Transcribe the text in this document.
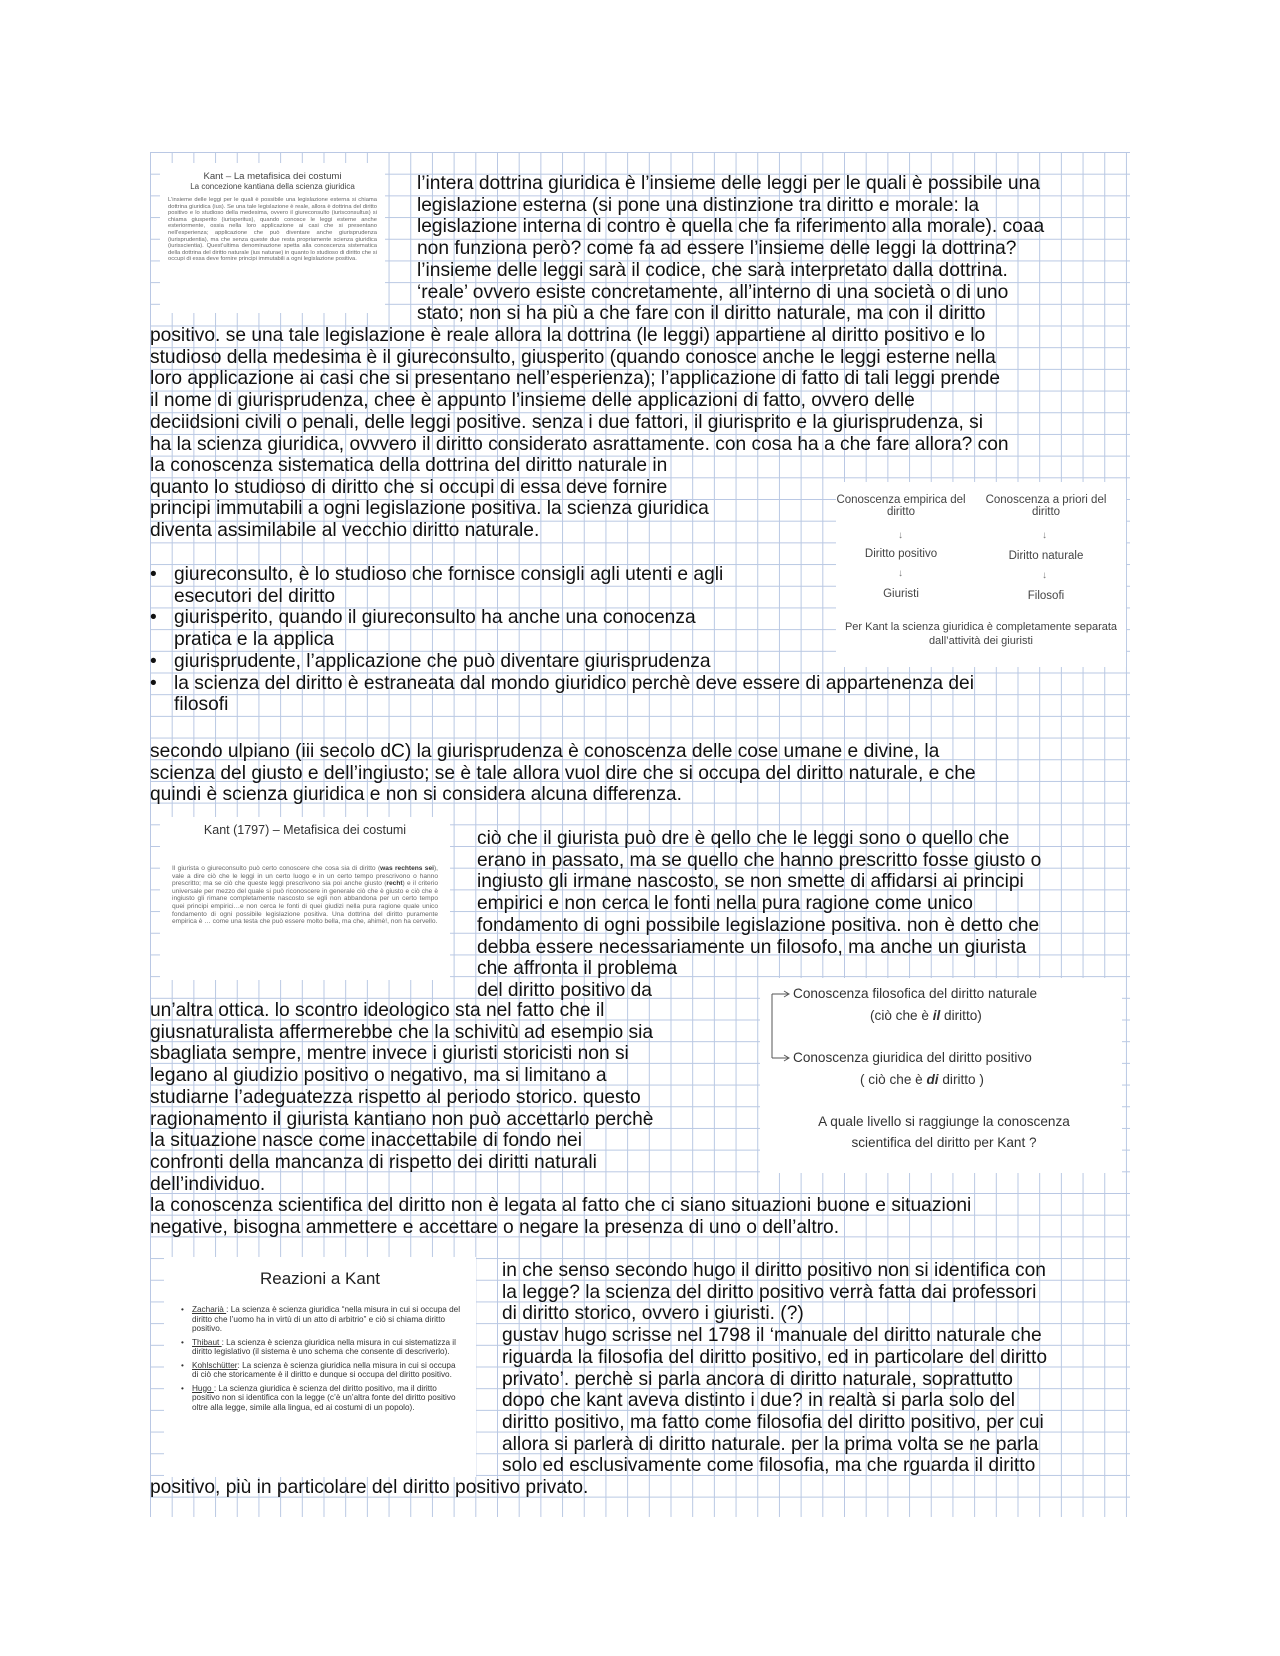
Kant – La metafisica dei costumi
La concezione kantiana della scienza giuridica
L’insieme delle leggi per le quali è possibile una legislazione esterna si chiama dottrina giuridica (ius). Se una tale legislazione è reale, allora è dottrina del diritto positivo e lo studioso della medesima, ovvero il giureconsulto (iurisconsultus) si chiama giusperito (iurisperitus), quando conosce le leggi esterne anche esteriormente, ossia nella loro applicazione ai casi che si presentano nell’esperienza; applicazione che può diventare anche giurisprudenza (iurisprudentia), ma che senza queste due resta propriamente scienza giuridica (iurisscientia). Quest’ultima denominazione spetta alla conoscenza sistematica della dottrina del diritto naturale (ius naturae) in quanto lo studioso di diritto che si occupi di essa deve fornire principi immutabili a ogni legislazione positiva.

l’intera dottrina giuridica è l’insieme delle leggi per le quali è possibile una

legislazione esterna (si pone una distinzione tra diritto e morale: la

legislazione interna di contro è quella che fa riferimento alla morale). coaa

non funziona però? come fa ad essere l’insieme delle leggi la dottrina?

l’insieme delle leggi sarà il codice, che sarà interpretato dalla dottrina.

‘reale’ ovvero esiste concretamente, all’interno di una società o di uno

stato; non si ha più a che fare con il diritto naturale, ma con il diritto

positivo. se una tale legislazione è reale allora la dottrina (le leggi) appartiene al diritto positivo e lo

studioso della medesima è il giureconsulto, giusperito (quando conosce anche le leggi esterne nella

loro applicazione ai casi che si presentano nell’esperienza); l’applicazione di fatto di tali leggi prende

il nome di giurisprudenza, chee è appunto l’insieme delle applicazioni di fatto, ovvero delle

deciidsioni civili o penali, delle leggi positive. senza i due fattori, il giurisprito e la giurisprudenza, si

ha la scienza giuridica, ovvvero il diritto considerato asrattamente. con cosa ha a che fare allora? con

la conoscenza sistematica della dottrina del diritto naturale in

quanto lo studioso di diritto che si occupi di essa deve fornire

principi immutabili a ogni legislazione positiva. la scienza giuridica

diventa assimilabile al vecchio diritto naturale.

Conoscenza empirica del diritto
Conoscenza a priori del diritto
↓	↓
Diritto positivo	Diritto naturale
↓	↓
Giuristi	Filosofi
Per Kant la scienza giuridica è completamente separata dall’attività dei giuristi

• giureconsulto, è lo studioso che fornisce consigli agli utenti e agli

esecutori del diritto

• giurisperito, quando il giureconsulto ha anche una conocenza

pratica e la applica

• giurisprudente, l’applicazione che può diventare giurisprudenza

• la scienza del diritto è estraneata dal mondo giuridico perchè deve essere di appartenenza dei

filosofi

secondo ulpiano (iii secolo dC) la giurisprudenza è conoscenza delle cose umane e divine, la

scienza del giusto e dell’ingiusto; se è tale allora vuol dire che si occupa del diritto naturale, e che

quindi è scienza giuridica e non si considera alcuna differenza.

Kant (1797) – Metafisica dei costumi
Il giurista o giureconsulto può certo conoscere che cosa sia di diritto (was rechtens sei), vale a dire ciò che le leggi in un certo luogo e in un certo tempo prescrivono o hanno prescritto; ma se ciò che queste leggi prescrivono sia poi anche giusto (recht) e il criterio universale per mezzo del quale si può riconoscere in generale ciò che è giusto e ciò che è ingiusto gli rimane completamente nascosto se egli non abbandona per un certo tempo quei principi empirici…e non cerca le fonti di quei giudizi nella pura ragione quale unico fondamento di ogni possibile legislazione positiva. Una dottrina del diritto puramente empirica è … come una testa che può essere molto bella, ma che, ahimè!, non ha cervello.

ciò che il giurista può dre è qello che le leggi sono o quello che

erano in passato, ma se quello che hanno prescritto fosse giusto o

ingiusto gli irmane nascosto, se non smette di affidarsi ai principi

empirici e non cerca le fonti nella pura ragione come unico

fondamento di ogni possibile legislazione positiva. non è detto che

debba essere necessariamente un filosofo, ma anche un giurista

che affronta il problema

del diritto positivo da	Conoscenza filosofica del diritto naturale
(ciò che è il diritto)
Conoscenza giuridica del diritto positivo
( ciò che è di diritto )
A quale livello si raggiunge la conoscenza
scientifica del diritto per Kant ?

un’altra ottica. lo scontro ideologico sta nel fatto che il

giusnaturalista affermerebbe che la schivitù ad esempio sia

sbagliata sempre, mentre invece i giuristi storicisti non si

legano al giudizio positivo o negativo, ma si limitano a

studiarne l’adeguatezza rispetto al periodo storico. questo

ragionamento il giurista kantiano non può accettarlo perchè

la situazione nasce come inaccettabile di fondo nei

confronti della mancanza di rispetto dei diritti naturali

dell’individuo.

la conoscenza scientifica del diritto non è legata al fatto che ci siano situazioni buone e situazioni

negative, bisogna ammettere e accettare o negare la presenza di uno o dell’altro.

Reazioni a Kant
• Zacharià : La scienza è scienza giuridica “nella misura in cui si occupa del diritto che l’uomo ha in virtù di un atto di arbitrio” e ciò si chiama diritto positivo.
• Thibaut : La scienza è scienza giuridica nella misura in cui sistematizza il diritto legislativo (il sistema è uno schema che consente di descriverlo).
• Kohlschütter: La scienza è scienza giuridica nella misura in cui si occupa di ciò che storicamente è il diritto e dunque si occupa del diritto positivo.
• Hugo : La scienza giuridica è scienza del diritto positivo, ma il diritto positivo non si identifica con la legge (c’è un’altra fonte del diritto positivo oltre alla legge, simile alla lingua, ed ai costumi di un popolo).

in che senso secondo hugo il diritto positivo non si identifica con

la legge? la scienza del diritto positivo verrà fatta dai professori

di diritto storico, ovvero i giuristi. (?)

gustav hugo scrisse nel 1798 il ‘manuale del diritto naturale che

riguarda la filosofia del diritto positivo, ed in particolare del diritto

privato’. perchè si parla ancora di diritto naturale, soprattutto

dopo che kant aveva distinto i due? in realtà si parla solo del

diritto positivo, ma fatto come filosofia del diritto positivo, per cui

allora si parlerà di diritto naturale. per la prima volta se ne parla

solo ed esclusivamente come filosofia, ma che rguarda il diritto

positivo, più in particolare del diritto positivo privato.
